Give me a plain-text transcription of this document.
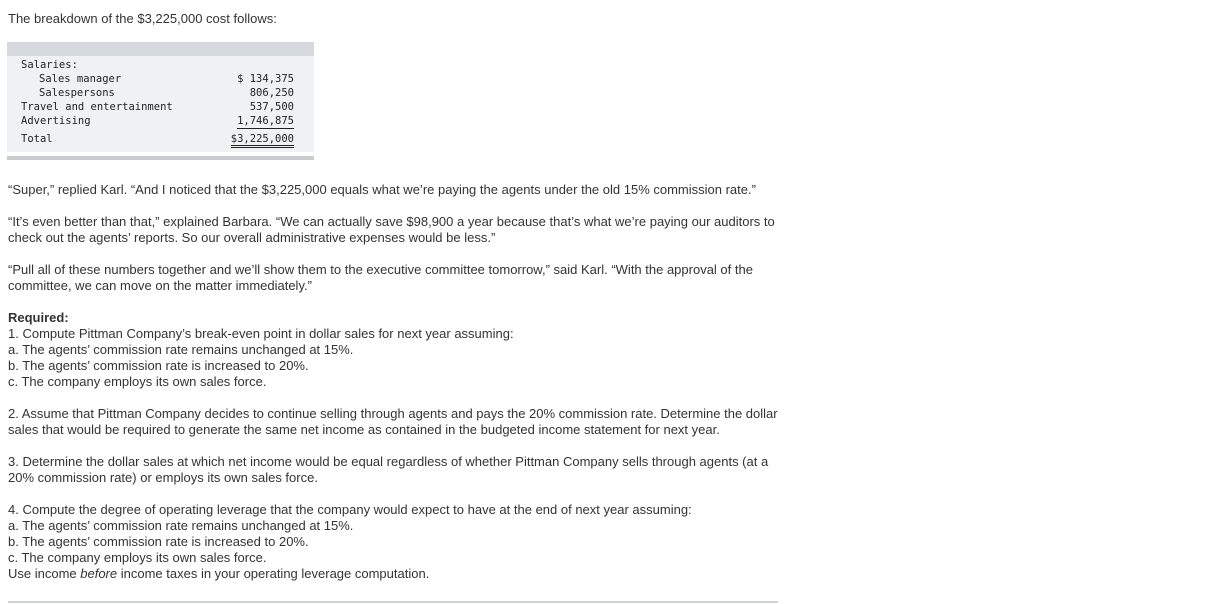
The breakdown of the $3,225,000 cost follows:
Salaries:
Sales manager	$ 134,375
Salespersons	806,250
Travel and entertainment	537,500
Advertising	1,746,875
Total	$3,225,000
“Super,” replied Karl. “And I noticed that the $3,225,000 equals what we’re paying the agents under the old 15% commission rate.”
“It’s even better than that,” explained Barbara. “We can actually save $98,900 a year because that’s what we’re paying our auditors to
check out the agents’ reports. So our overall administrative expenses would be less.”
“Pull all of these numbers together and we’ll show them to the executive committee tomorrow,” said Karl. “With the approval of the
committee, we can move on the matter immediately.”
Required:
1. Compute Pittman Company’s break-even point in dollar sales for next year assuming:
a. The agents’ commission rate remains unchanged at 15%.
b. The agents’ commission rate is increased to 20%.
c. The company employs its own sales force.
2. Assume that Pittman Company decides to continue selling through agents and pays the 20% commission rate. Determine the dollar
sales that would be required to generate the same net income as contained in the budgeted income statement for next year.
3. Determine the dollar sales at which net income would be equal regardless of whether Pittman Company sells through agents (at a
20% commission rate) or employs its own sales force.
4. Compute the degree of operating leverage that the company would expect to have at the end of next year assuming:
a. The agents’ commission rate remains unchanged at 15%.
b. The agents’ commission rate is increased to 20%.
c. The company employs its own sales force.
Use income before income taxes in your operating leverage computation.
